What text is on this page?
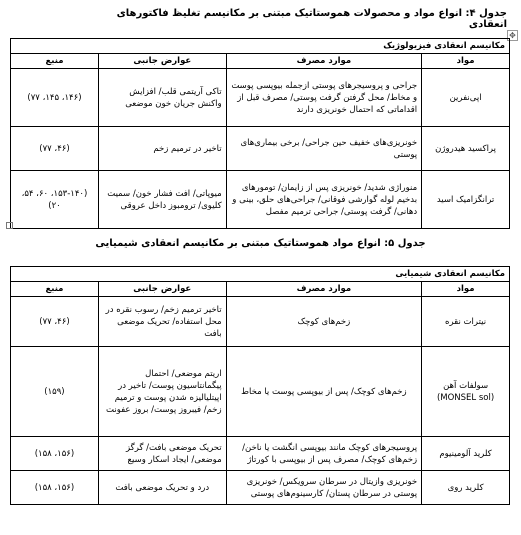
جدول ۴: انواع مواد و محصولات هموستاتیک مبتنی بر مکانیسم تغلیظ فاکتورهای انعقادی
✥
مکانیسم انعقادی فیزیولوژیک			
مواد	موارد مصرف	عوارض جانبی	منبع
اپی‌نفرین	جراحی و پروسیجرهای پوستی ازجمله بیوپسی پوست و مخاط/ محل گرفتن گرفت پوستی/ مصرف قبل از اقداماتی که احتمال خونریزی دارند	تاکی آریتمی قلب/ افزایش واکنش جریان خون موضعی	(۱۴۶، ۱۴۵، ۷۷)
پراکسید هیدروژن	خونریزی‌های خفیف حین جراحی/ برخی بیماری‌های پوستی	تاخیر در ترمیم زخم	(۴۶، ۷۷)
ترانگزامیک اسید	منوراژی شدید/ خونریزی پس از زایمان/ تومورهای بدخیم لوله گوارشی فوقانی/ جراحی‌های حلق، بینی و دهانی/ گرفت پوستی/ جراحی ترمیم مفصل	میوپاتی/ افت فشار خون/ سمیت کلیوی/ ترومبوز داخل عروقی	(۱۵۳-۱۴۰، ۶۰، ۵۴، ۲۰)
جدول ۵: انواع مواد هموستاتیک مبتنی بر مکانیسم انعقادی شیمیایی
مکانیسم انعقادی شیمیایی			
مواد	موارد مصرف	عوارض جانبی	منبع
نیترات نقره	زخم‌های کوچک	تاخیر ترمیم زخم/ رسوب نقره در محل استفاده/ تحریک موضعی بافت	(۴۶، ۷۷)
سولفات آهن (MONSEL sol)	زخم‌های کوچک/ پس از بیوپسی پوست یا مخاط	اریتم موضعی/ احتمال پیگمانتاسیون پوست/ تاخیر در اپیتلیالیزه شدن پوست و ترمیم زخم/ فیبروز پوست/ بروز عفونت	(۱۵۹)
کلرید آلومینیوم	پروسیجرهای کوچک مانند بیوپسی انگشت یا ناخن/ زخم‌های کوچک/ مصرف پس از بیوپسی با کورتاژ	تحریک موضعی بافت/ گرگز موضعی/ ایجاد اسکار وسیع	(۱۵۶، ۱۵۸)
کلرید روی	خونریزی وازیتال در سرطان سرویکس/ خونریزی پوستی در سرطان پستان/ کارسینوم‌های پوستی	درد و تحریک موضعی بافت	(۱۵۶، ۱۵۸)
